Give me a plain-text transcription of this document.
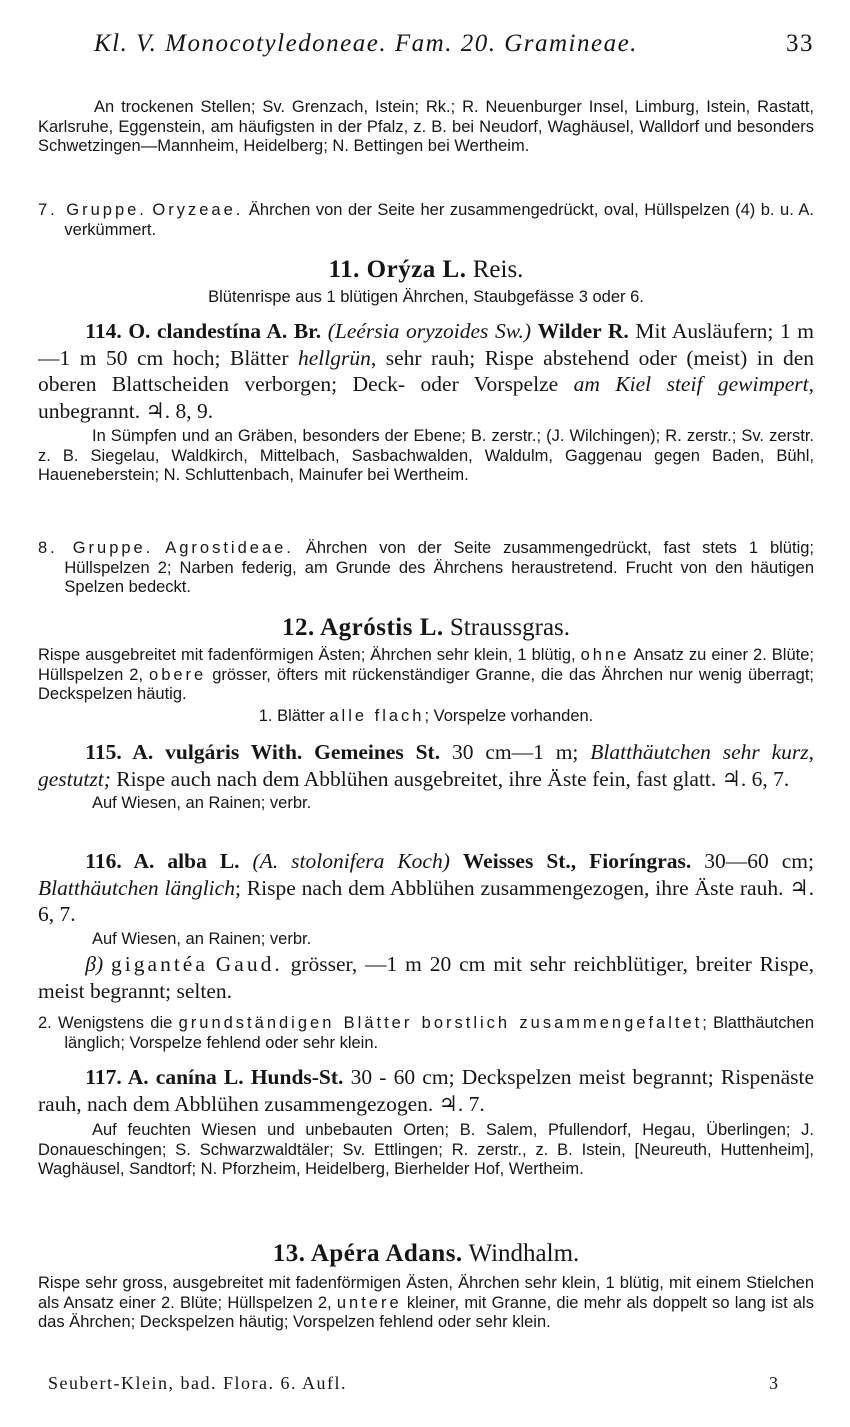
Kl. V. Monocotyledoneae. Fam. 20. Gramineae.	33

An trockenen Stellen; Sv. Grenzach, Istein; Rk.; R. Neuenburger Insel, Limburg, Istein, Rastatt, Karlsruhe, Eggenstein, am häufigsten in der Pfalz, z. B. bei Neudorf, Waghäusel, Walldorf und besonders Schwetzingen—Mannheim, Heidelberg; N. Bettingen bei Wertheim.

7. Gruppe. Oryzeae. Ährchen von der Seite her zusammengedrückt, oval, Hüllspelzen (4) b. u. A. verkümmert.

11. Orýza L. Reis.

Blütenrispe aus 1 blütigen Ährchen, Staubgefässe 3 oder 6.

114. O. clandestína A. Br. (Leérsia oryzoides Sw.) Wilder R. Mit Ausläufern; 1 m—1 m 50 cm hoch; Blätter hellgrün, sehr rauh; Rispe abstehend oder (meist) in den oberen Blattscheiden verborgen; Deck- oder Vorspelze am Kiel steif gewimpert, unbegrannt. ♃. 8, 9.

In Sümpfen und an Gräben, besonders der Ebene; B. zerstr.; (J. Wilchingen); R. zerstr.; Sv. zerstr. z. B. Siegelau, Waldkirch, Mittelbach, Sasbachwalden, Waldulm, Gaggenau gegen Baden, Bühl, Haueneberstein; N. Schluttenbach, Mainufer bei Wertheim.

8. Gruppe. Agrostideae. Ährchen von der Seite zusammengedrückt, fast stets 1 blütig; Hüllspelzen 2; Narben federig, am Grunde des Ährchens heraustretend. Frucht von den häutigen Spelzen bedeckt.

12. Agróstis L. Straussgras.

Rispe ausgebreitet mit fadenförmigen Ästen; Ährchen sehr klein, 1 blütig, ohne Ansatz zu einer 2. Blüte; Hüllspelzen 2, obere grösser, öfters mit rückenständiger Granne, die das Ährchen nur wenig überragt; Deckspelzen häutig.

1. Blätter alle flach; Vorspelze vorhanden.

115. A. vulgáris With. Gemeines St. 30 cm—1 m; Blatthäutchen sehr kurz, gestutzt; Rispe auch nach dem Abblühen ausgebreitet, ihre Äste fein, fast glatt. ♃. 6, 7.

Auf Wiesen, an Rainen; verbr.

116. A. alba L. (A. stolonifera Koch) Weisses St., Fioríngras. 30—60 cm; Blatthäutchen länglich; Rispe nach dem Abblühen zusammengezogen, ihre Äste rauh. ♃. 6, 7.

Auf Wiesen, an Rainen; verbr.

β) gigantéa Gaud. grösser, —1 m 20 cm mit sehr reichblütiger, breiter Rispe, meist begrannt; selten.

2. Wenigstens die grundständigen Blätter borstlich zusammengefaltet; Blatthäutchen länglich; Vorspelze fehlend oder sehr klein.

117. A. canína L. Hunds-St. 30 - 60 cm; Deckspelzen meist begrannt; Rispenäste rauh, nach dem Abblühen zusammengezogen. ♃. 7.

Auf feuchten Wiesen und unbebauten Orten; B. Salem, Pfullendorf, Hegau, Überlingen; J. Donaueschingen; S. Schwarzwaldtäler; Sv. Ettlingen; R. zerstr., z. B. Istein, [Neureuth, Huttenheim], Waghäusel, Sandtorf; N. Pforzheim, Heidelberg, Bierhelder Hof, Wertheim.

13. Apéra Adans. Windhalm.

Rispe sehr gross, ausgebreitet mit fadenförmigen Ästen, Ährchen sehr klein, 1 blütig, mit einem Stielchen als Ansatz einer 2. Blüte; Hüllspelzen 2, untere kleiner, mit Granne, die mehr als doppelt so lang ist als das Ährchen; Deckspelzen häutig; Vorspelzen fehlend oder sehr klein.

Seubert-Klein, bad. Flora. 6. Aufl.	3
